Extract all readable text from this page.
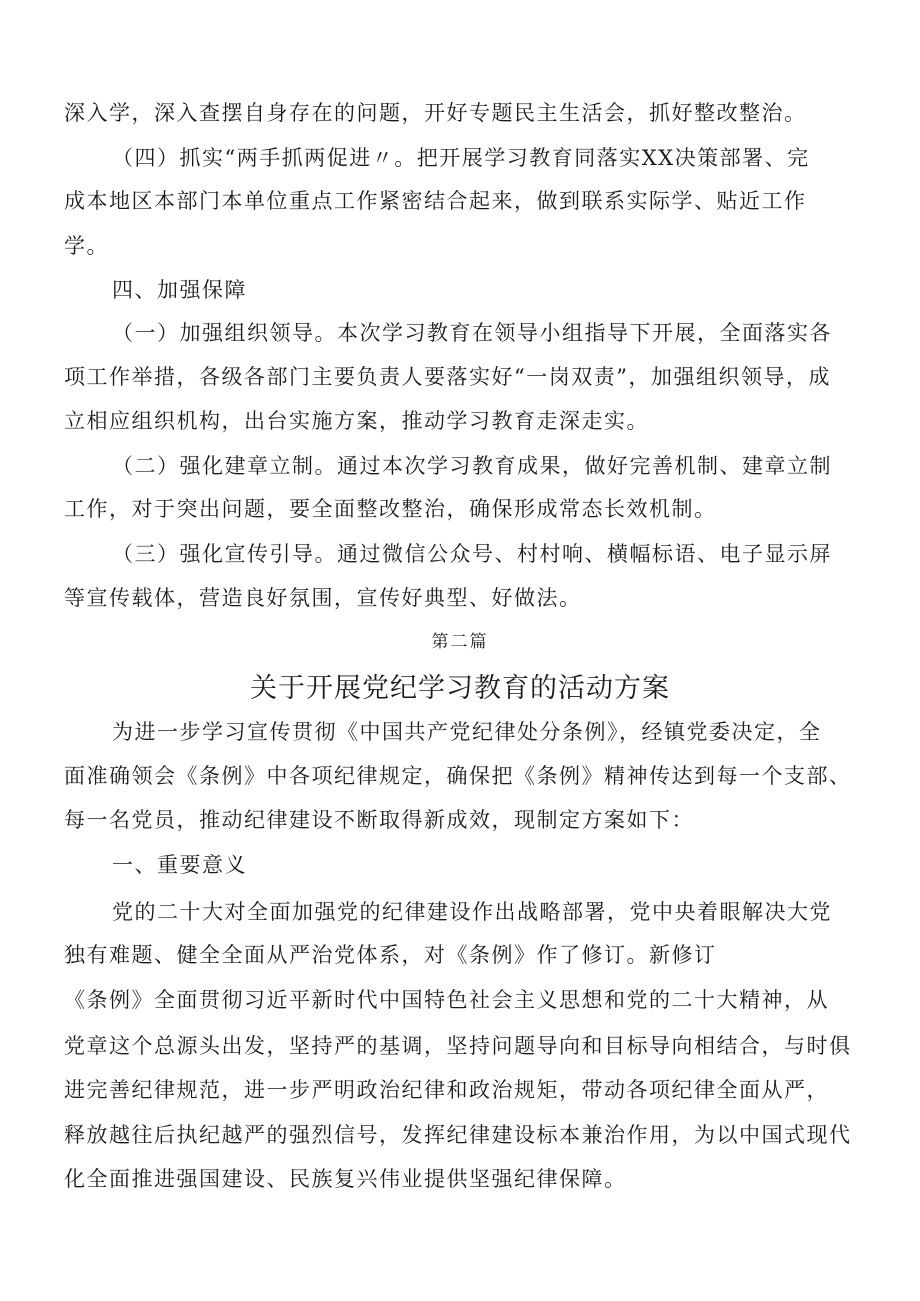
深入学，深入查摆自身存在的问题，开好专题民主生活会，抓好整改整治。
（四）抓实“两手抓两促进〃。把开展学习教育同落实XX决策部署、完
成本地区本部门本单位重点工作紧密结合起来，做到联系实际学、贴近工作
学。
四、加强保障
（一）加强组织领导。本次学习教育在领导小组指导下开展，全面落实各
项工作举措，各级各部门主要负责人要落实好“一岗双责”，加强组织领导，成
立相应组织机构，出台实施方案，推动学习教育走深走实。
（二）强化建章立制。通过本次学习教育成果，做好完善机制、建章立制
工作，对于突出问题，要全面整改整治，确保形成常态长效机制。
（三）强化宣传引导。通过微信公众号、村村响、横幅标语、电子显示屏
等宣传载体，营造良好氛围，宣传好典型、好做法。
第二篇
关于开展党纪学习教育的活动方案
为进一步学习宣传贯彻《中国共产党纪律处分条例》，经镇党委决定，全
面准确领会《条例》中各项纪律规定，确保把《条例》精神传达到每一个支部、
每一名党员，推动纪律建设不断取得新成效，现制定方案如下：
一、重要意义
党的二十大对全面加强党的纪律建设作出战略部署，党中央着眼解决大党
独有难题、健全全面从严治党体系，对《条例》作了修订。新修订
《条例》全面贯彻习近平新时代中国特色社会主义思想和党的二十大精神，从
党章这个总源头出发，坚持严的基调，坚持问题导向和目标导向相结合，与时俱
进完善纪律规范，进一步严明政治纪律和政治规矩，带动各项纪律全面从严，
释放越往后执纪越严的强烈信号，发挥纪律建设标本兼治作用，为以中国式现代
化全面推进强国建设、民族复兴伟业提供坚强纪律保障。
